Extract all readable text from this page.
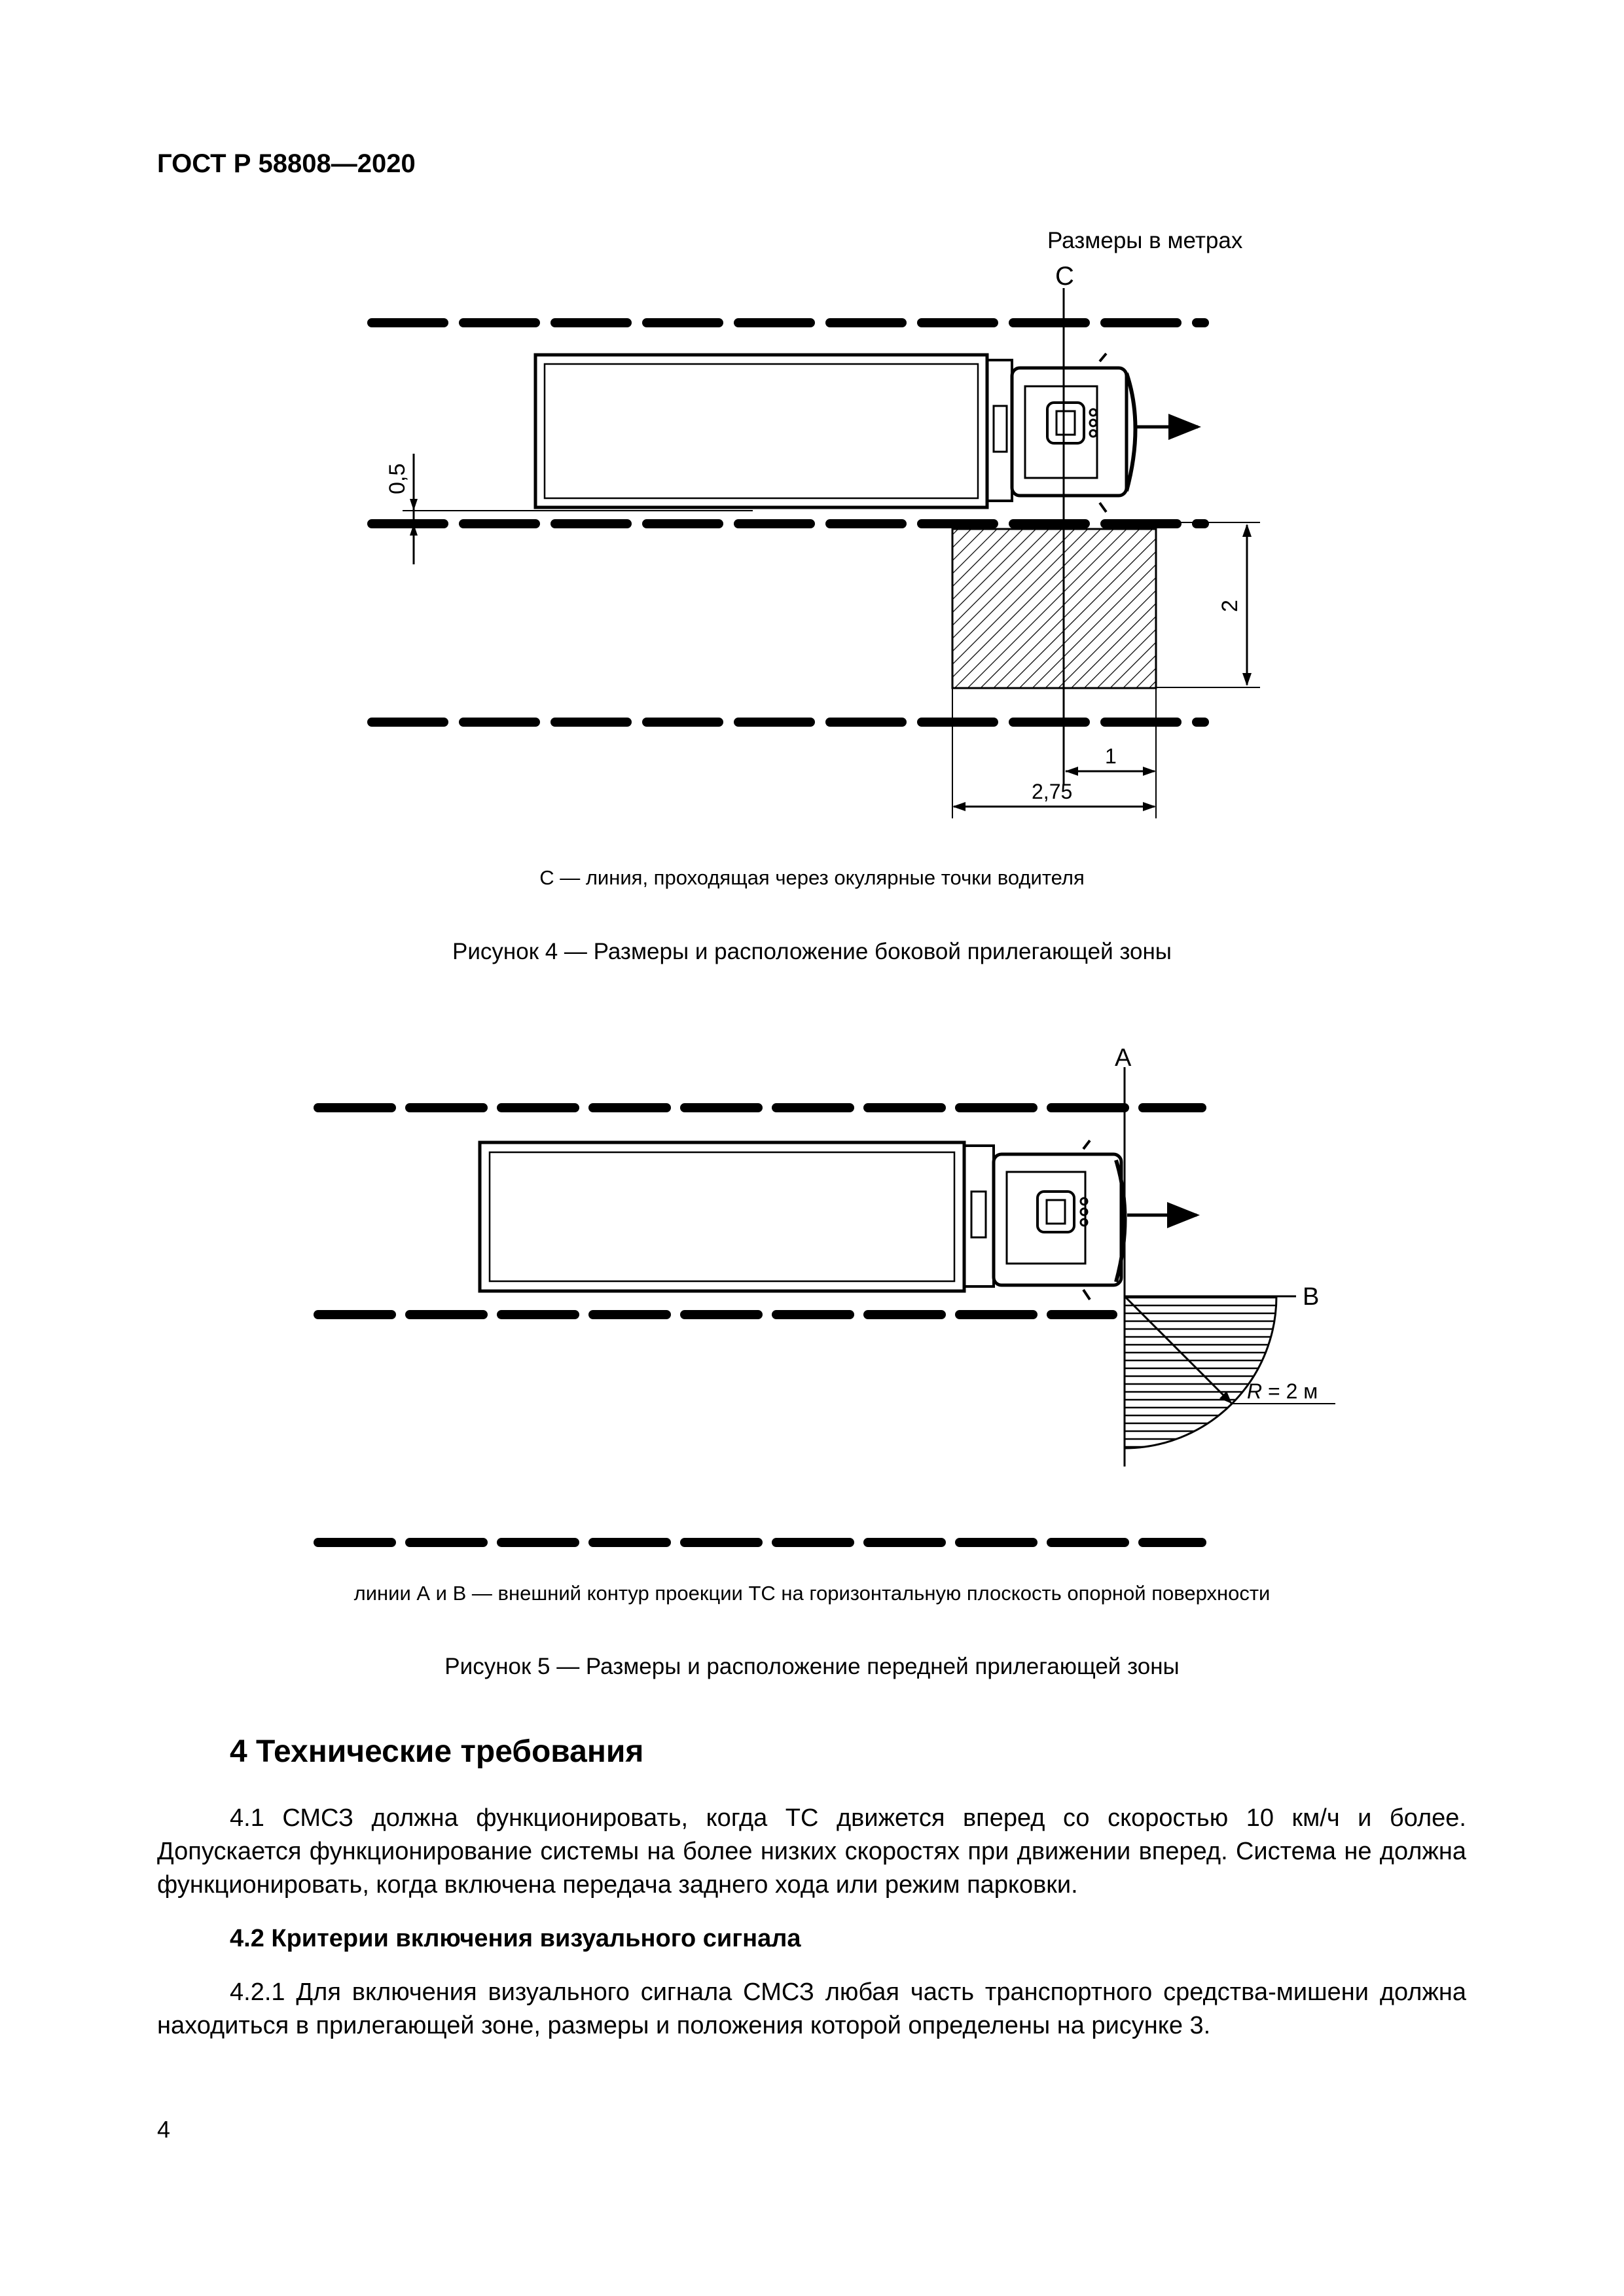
ГОСТ Р 58808—2020
Размеры в метрах
С
0,5
2
1
2,75
С — линия, проходящая через окулярные точки водителя
Рисунок 4 — Размеры и расположение боковой прилегающей зоны
А
В
R = 2 м
линии А и В — внешний контур проекции ТС на горизонтальную плоскость опорной поверхности
Рисунок 5 — Размеры и расположение передней прилегающей зоны
4 Технические требования
4.1 СМСЗ должна функционировать, когда ТС движется вперед со скоростью 10 км/ч и более. Допускается функционирование системы на более низких скоростях при движении вперед. Система не должна функционировать, когда включена передача заднего хода или режим парковки.
4.2 Критерии включения визуального сигнала
4.2.1 Для включения визуального сигнала СМСЗ любая часть транспортного средства-мишени должна находиться в прилегающей зоне, размеры и положения которой определены на рисунке 3.
4
